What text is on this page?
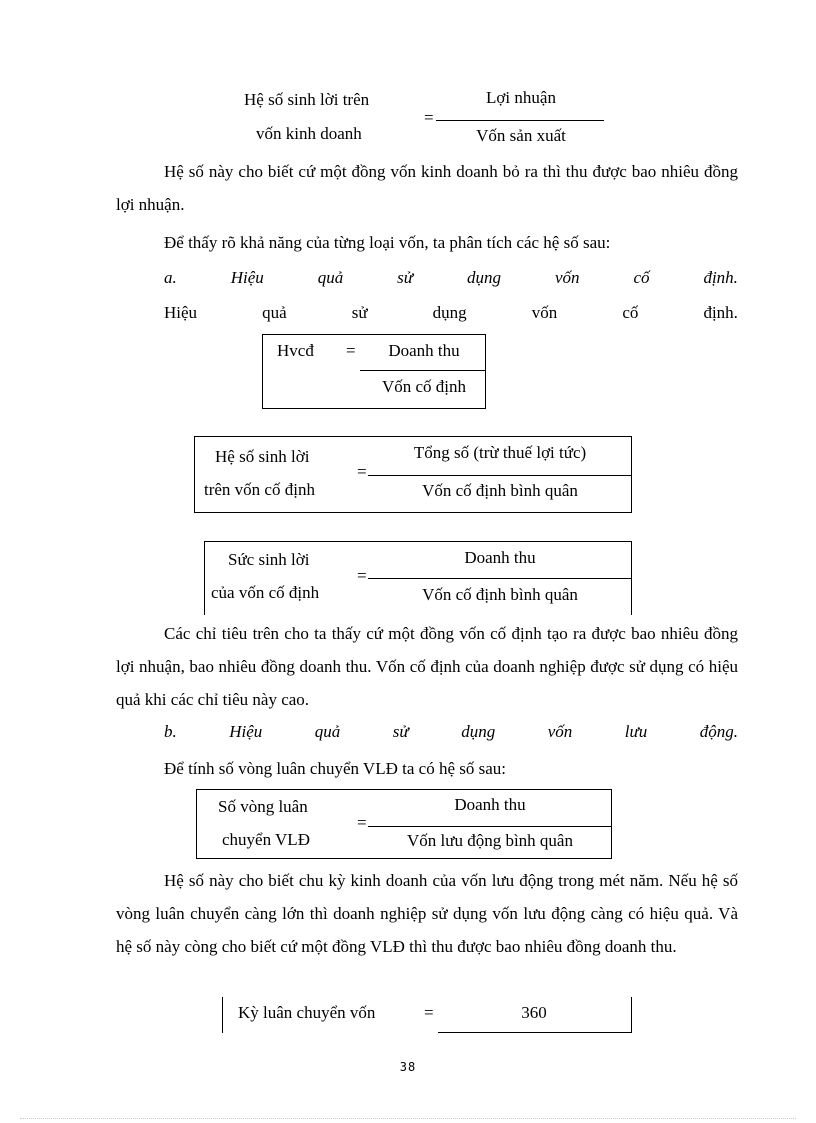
Hệ số sinh lời trên
vốn kinh doanh
=
Lợi nhuận
Vốn sản xuất
Hệ số này cho biết cứ một đồng vốn kinh doanh bỏ ra thì thu được bao nhiêu đồng lợi nhuận.
Để thấy rõ khả năng của từng loại vốn, ta phân tích các hệ số sau:
a.	Hiệu	quả	sử	dụng	vốn	cố	định.
Hiệu	quả	sử	dụng	vốn	cố	định.
Hvcđ =	Doanh thu
Vốn cố định
Hệ số sinh lời
trên vốn cố định
=
Tổng số (trừ thuế lợi tức)
Vốn cố định bình quân
Sức sinh lời
của vốn cố định
=
Doanh thu
Vốn cố định bình quân
Các chỉ tiêu trên cho ta thấy cứ một đồng vốn cố định tạo ra được bao nhiêu đồng lợi nhuận, bao nhiêu đồng doanh thu. Vốn cố định của doanh nghiệp được sử dụng có hiệu quả khi các chỉ tiêu này cao.
b.	Hiệu	quả	sử	dụng	vốn	lưu	động.
Để tính số vòng luân chuyển VLĐ ta có hệ số sau:
Số vòng luân
chuyển VLĐ
=
Doanh thu
Vốn lưu động bình quân
Hệ số này cho biết chu kỳ kinh doanh của vốn lưu động trong mét năm. Nếu hệ số vòng luân chuyển càng lớn thì doanh nghiệp sử dụng vốn lưu động càng có hiệu quả. Và hệ số này còng cho biết cứ một đồng VLĐ thì thu được bao nhiêu đồng doanh thu.
Kỳ luân chuyển vốn	=	360
38
